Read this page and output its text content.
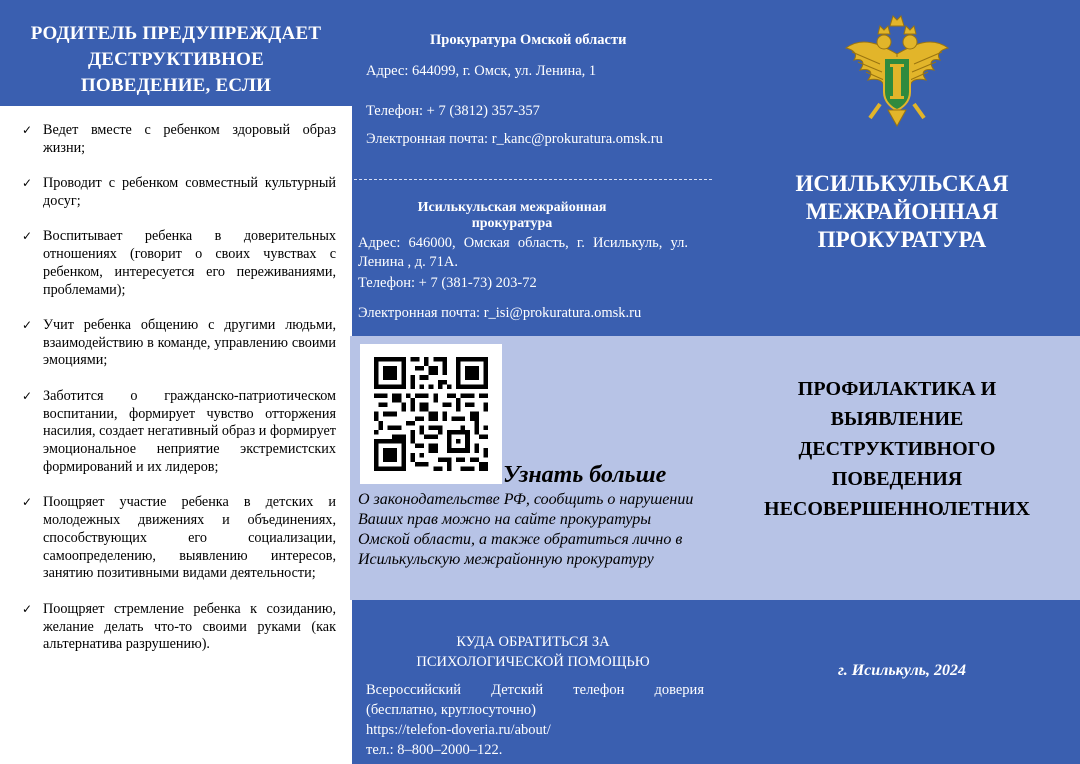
РОДИТЕЛЬ ПРЕДУПРЕЖДАЕТ
ДЕСТРУКТИВНОЕ
ПОВЕДЕНИЕ, ЕСЛИ
✓ Ведет вместе с ребенком здоровый образ жизни;
✓ Проводит с ребенком совместный культурный досуг;
✓ Воспитывает ребенка в доверительных отношениях (говорит о своих чувствах с ребенком, интересуется его переживаниями, проблемами);
✓ Учит ребенка общению с другими людьми, взаимодействию в команде, управлению своими эмоциями;
✓ Заботится о гражданско-патриотическом воспитании, формирует чувство отторжения насилия, создает негативный образ и формирует эмоциональное неприятие экстремистских формирований и их лидеров;
✓ Поощряет участие ребенка в детских и молодежных движениях и объединениях, способствующих его социализации, самоопределению, выявлению интересов, занятию позитивными видами деятельности;
✓ Поощряет стремление ребенка к созиданию, желание делать что-то своими руками (как альтернатива разрушению).
Прокуратура Омской области
Адрес: 644099, г. Омск, ул. Ленина, 1
Телефон: + 7 (3812) 357-357
Электронная почта: r_kanc@prokuratura.omsk.ru
Исилькульская межрайонная прокуратура
Адрес: 646000, Омская область, г. Исилькуль, ул. Ленина , д. 71А.
Телефон: + 7 (381-73) 203-72
Электронная почта: r_isi@prokuratura.omsk.ru
Узнать больше
О законодательстве РФ, сообщить о нарушении Ваших прав можно на сайте прокуратуры Омской области, а также обратиться лично в Исилькульскую межрайонную прокуратуру
КУДА ОБРАТИТЬСЯ ЗА
ПСИХОЛОГИЧЕСКОЙ ПОМОЩЬЮ
Всероссийский Детский телефон доверия
(бесплатно, круглосуточно)
https://telefon-doveria.ru/about/
тел.: 8–800–2000–122.
ИСИЛЬКУЛЬСКАЯ
МЕЖРАЙОННАЯ
ПРОКУРАТУРА
ПРОФИЛАКТИКА И
ВЫЯВЛЕНИЕ
ДЕСТРУКТИВНОГО
ПОВЕДЕНИЯ
НЕСОВЕРШЕННОЛЕТНИХ
г. Исилькуль, 2024
